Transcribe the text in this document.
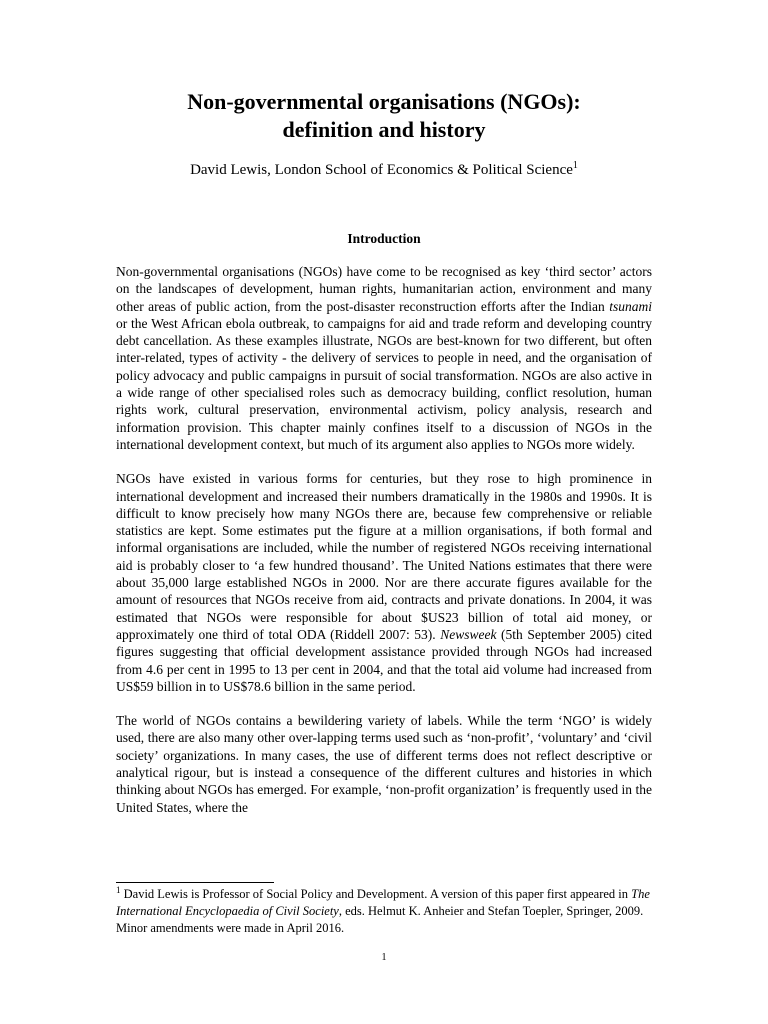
Non-governmental organisations (NGOs):
definition and history
David Lewis, London School of Economics & Political Science$^1$
Introduction

Non-governmental organisations (NGOs) have come to be recognised as key ‘third sector’ actors on the landscapes of development, human rights, humanitarian action, environment and many other areas of public action, from the post-disaster reconstruction efforts after the Indian tsunami or the West African ebola outbreak, to campaigns for aid and trade reform and developing country debt cancellation. As these examples illustrate, NGOs are best-known for two different, but often inter-related, types of activity - the delivery of services to people in need, and the organisation of policy advocacy and public campaigns in pursuit of social transformation. NGOs are also active in a wide range of other specialised roles such as democracy building, conflict resolution, human rights work, cultural preservation, environmental activism, policy analysis, research and information provision. This chapter mainly confines itself to a discussion of NGOs in the international development context, but much of its argument also applies to NGOs more widely.

NGOs have existed in various forms for centuries, but they rose to high prominence in international development and increased their numbers dramatically in the 1980s and 1990s. It is difficult to know precisely how many NGOs there are, because few comprehensive or reliable statistics are kept. Some estimates put the figure at a million organisations, if both formal and informal organisations are included, while the number of registered NGOs receiving international aid is probably closer to ‘a few hundred thousand’. The United Nations estimates that there were about 35,000 large established NGOs in 2000. Nor are there accurate figures available for the amount of resources that NGOs receive from aid, contracts and private donations. In 2004, it was estimated that NGOs were responsible for about $US23 billion of total aid money, or approximately one third of total ODA (Riddell 2007: 53). Newsweek (5th September 2005) cited figures suggesting that official development assistance provided through NGOs had increased from 4.6 per cent in 1995 to 13 per cent in 2004, and that the total aid volume had increased from US$59 billion in to US$78.6 billion in the same period.

The world of NGOs contains a bewildering variety of labels. While the term ‘NGO’ is widely used, there are also many other over-lapping terms used such as ‘non-profit’, ‘voluntary’ and ‘civil society’ organizations. In many cases, the use of different terms does not reflect descriptive or analytical rigour, but is instead a consequence of the different cultures and histories in which thinking about NGOs has emerged. For example, ‘non-profit organization’ is frequently used in the United States, where the

$^1$ David Lewis is Professor of Social Policy and Development. A version of this paper first appeared in The International Encyclopaedia of Civil Society, eds. Helmut K. Anheier and Stefan Toepler, Springer, 2009. Minor amendments were made in April 2016.
1
